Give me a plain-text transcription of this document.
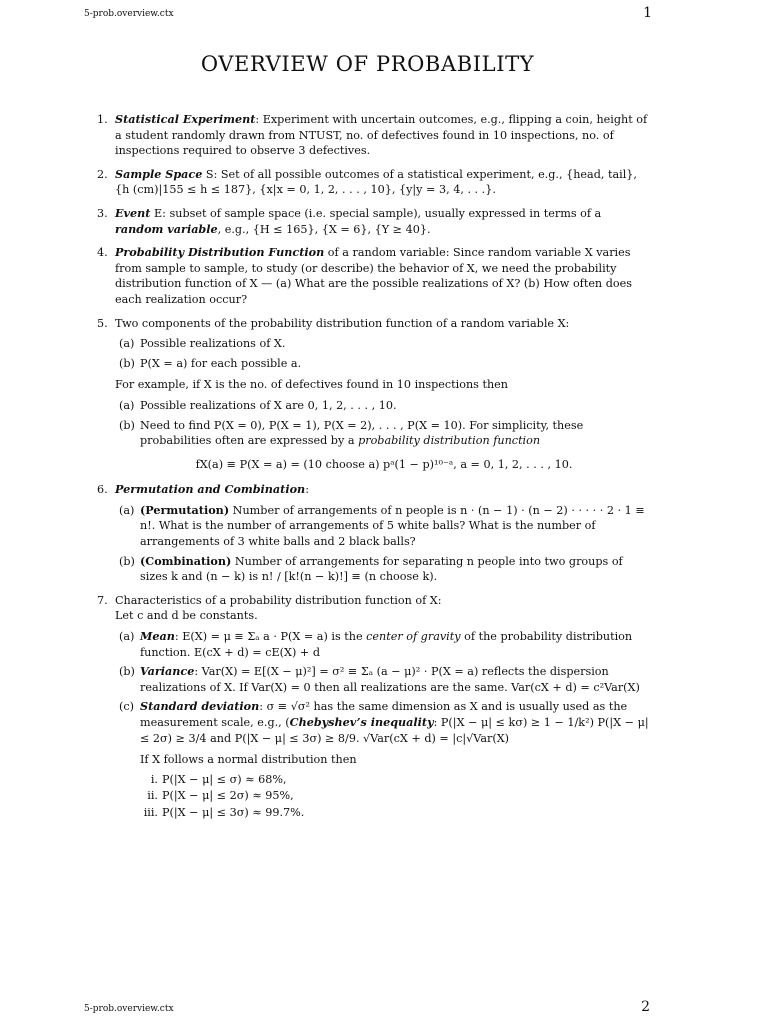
5-prob.overview.ctx	1
OVERVIEW OF PROBABILITY
1. Statistical Experiment: Experiment with uncertain outcomes, e.g., flipping a coin, height of a student randomly drawn from NTUST, no. of defectives found in 10 inspections, no. of inspections required to observe 3 defectives.
2. Sample Space S: Set of all possible outcomes of a statistical experiment, e.g., {head, tail}, {h (cm)|155 ≤ h ≤ 187}, {x|x = 0, 1, 2, . . . , 10}, {y|y = 3, 4, . . .}.
3. Event E: subset of sample space (i.e. special sample), usually expressed in terms of a random variable, e.g., {H ≤ 165}, {X = 6}, {Y ≥ 40}.
4. Probability Distribution Function of a random variable: Since random variable X varies from sample to sample, to study (or describe) the behavior of X, we need the probability distribution function of X — (a) What are the possible realizations of X? (b) How often does each realization occur?
5. Two components of the probability distribution function of a random variable X:
(a) Possible realizations of X.
(b) P(X = a) for each possible a.

For example, if X is the no. of defectives found in 10 inspections then

(a) Possible realizations of X are 0, 1, 2, . . . , 10.
(b) Need to find P(X = 0), P(X = 1), P(X = 2), . . . , P(X = 10). For simplicity, these probabilities often are expressed by a probability distribution function
fX(a) ≡ P(X = a) = (10 choose a) pᵃ(1 − p)¹⁰⁻ᵃ, a = 0, 1, 2, . . . , 10.
6. Permutation and Combination:
(a) (Permutation) Number of arrangements of n people is n · (n − 1) · (n − 2) · · · · · 2 · 1 ≡ n!. What is the number of arrangements of 5 white balls? What is the number of arrangements of 3 white balls and 2 black balls?
(b) (Combination) Number of arrangements for separating n people into two groups of sizes k and (n − k) is n! / [k!(n − k)!] ≡ (n choose k).
7. Characteristics of a probability distribution function of X:
Let c and d be constants.
(a) Mean: E(X) = μ ≡ Σₐ a · P(X = a) is the center of gravity of the probability distribution function. E(cX + d) = cE(X) + d
(b) Variance: Var(X) = E[(X − μ)²] = σ² ≡ Σₐ (a − μ)² · P(X = a) reflects the dispersion realizations of X. If Var(X) = 0 then all realizations are the same. Var(cX + d) = c²Var(X)
(c) Standard deviation: σ ≡ √σ² has the same dimension as X and is usually used as the measurement scale, e.g., (Chebyshev’s inequality: P(|X − μ| ≤ kσ) ≥ 1 − 1/k²) P(|X − μ| ≤ 2σ) ≥ 3/4 and P(|X − μ| ≤ 3σ) ≥ 8/9. √Var(cX + d) = |c|√Var(X)

If X follows a normal distribution then

i. P(|X − μ| ≤ σ) ≈ 68%,
ii. P(|X − μ| ≤ 2σ) ≈ 95%,
iii. P(|X − μ| ≤ 3σ) ≈ 99.7%.
5-prob.overview.ctx	2
